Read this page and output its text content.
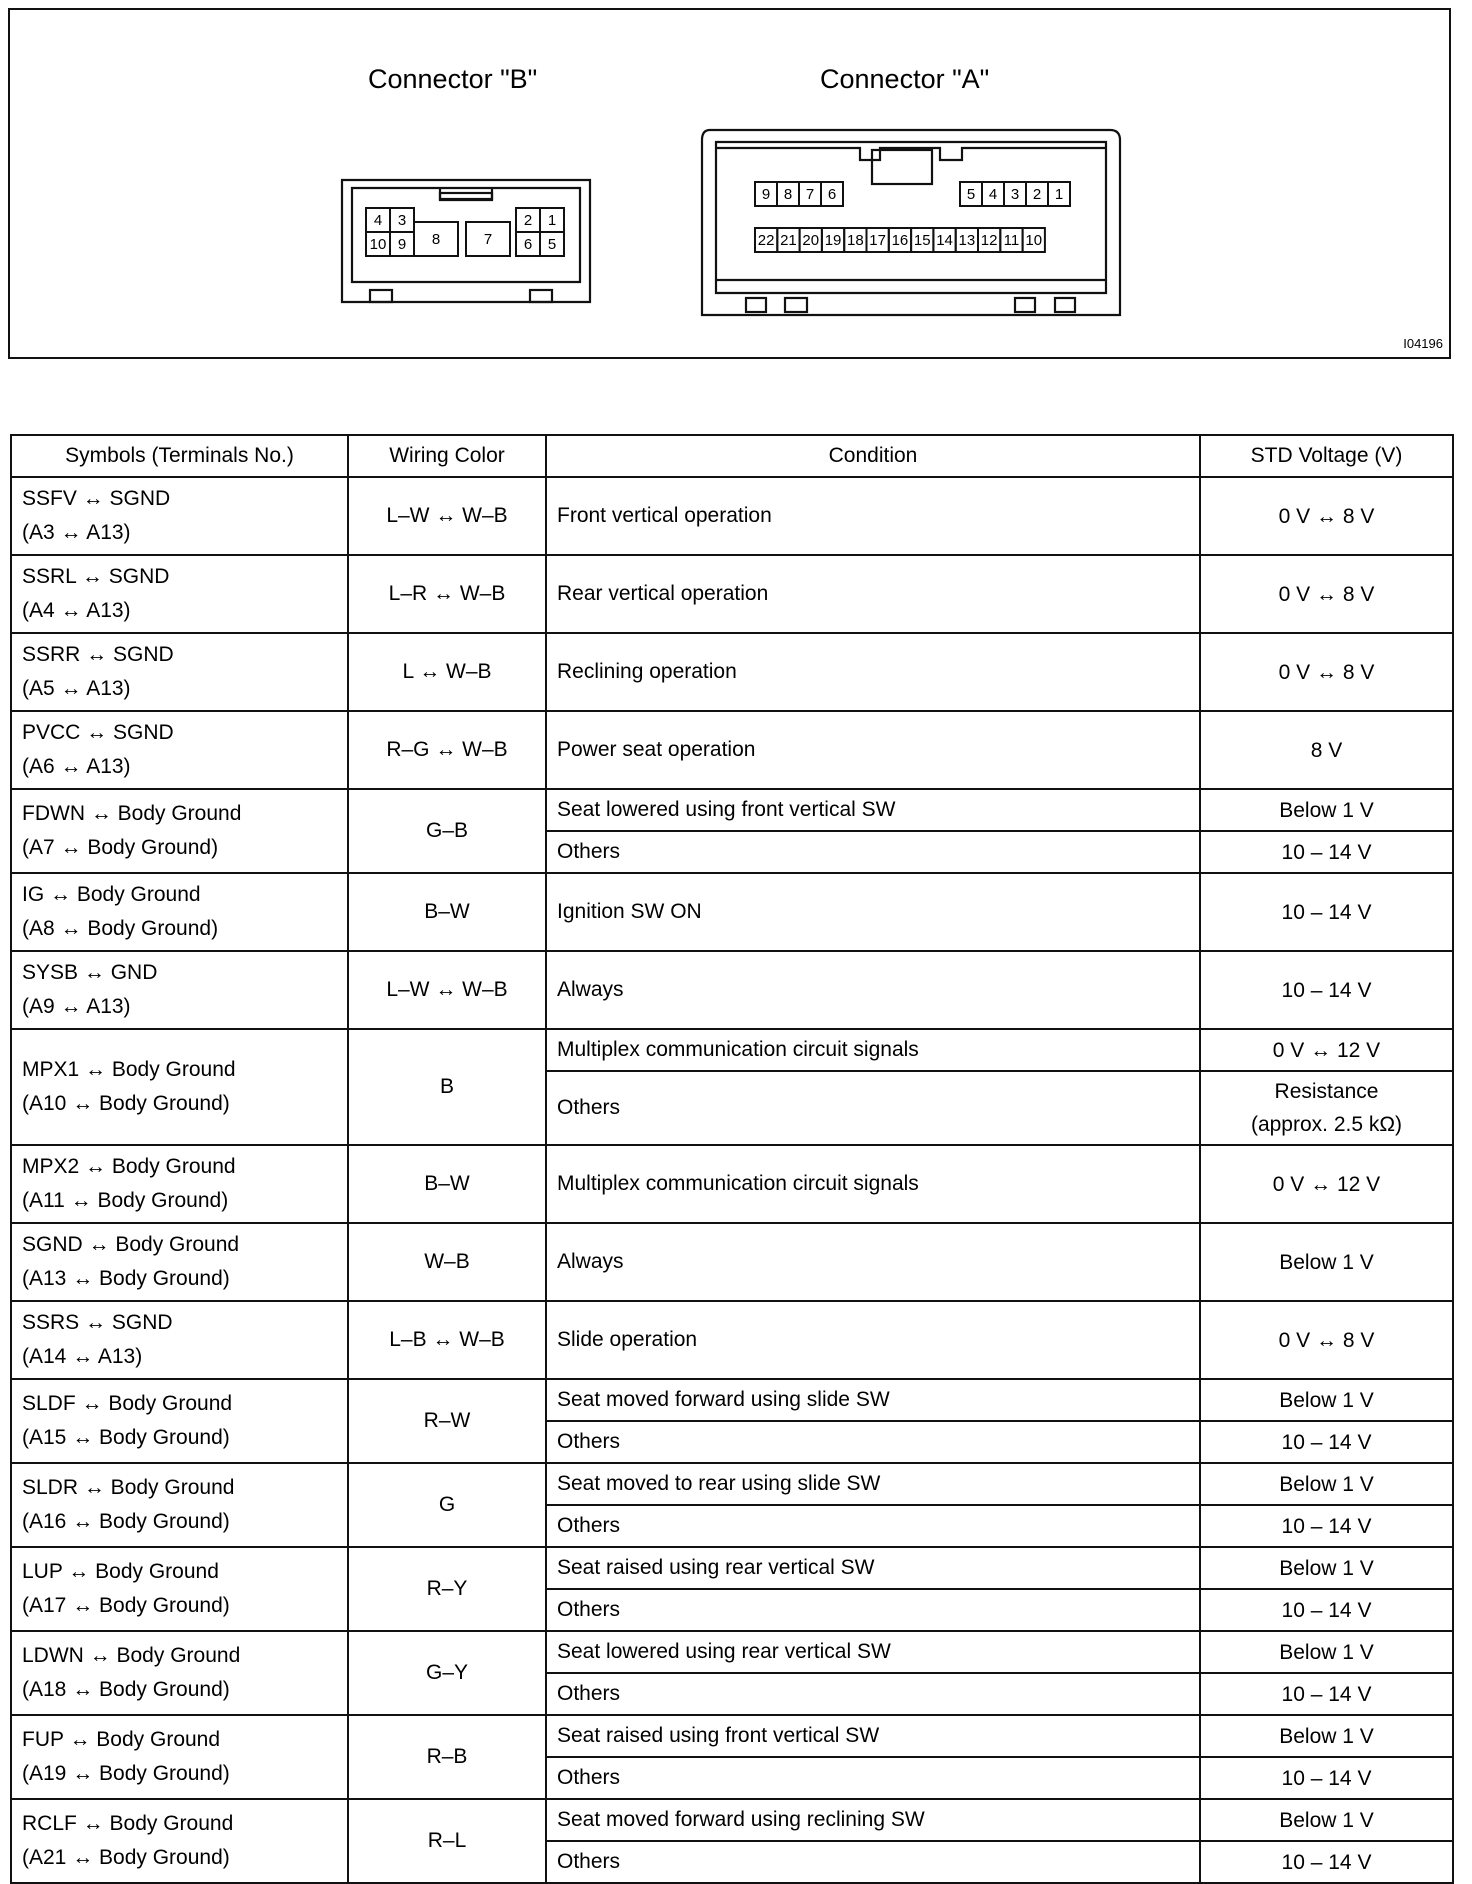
Connector "B"	Connector "A"
I04196
4 3	2 1
10 9 8	7 6 5
9 8 7 6	5 4 3 2 1
22 21 20 19 18 17 16 15 14 13 12 11 10
Symbols (Terminals No.)	Wiring Color	Condition	STD Voltage (V)

SSFV ↔ SGND
(A3 ↔ A13)	L–W ↔ W–B	Front vertical operation	0 V ↔ 8 V

SSRL ↔ SGND
(A4 ↔ A13)	L–R ↔ W–B	Rear vertical operation	0 V ↔ 8 V

SSRR ↔ SGND
(A5 ↔ A13)	L ↔ W–B	Reclining operation	0 V ↔ 8 V

PVCC ↔ SGND
(A6 ↔ A13)	R–G ↔ W–B	Power seat operation	8 V

FDWN ↔ Body Ground
(A7 ↔ Body Ground)	G–B	Seat lowered using front vertical SW	Below 1 V

		Others	10 – 14 V

IG ↔ Body Ground
(A8 ↔ Body Ground)	B–W	Ignition SW ON	10 – 14 V

SYSB ↔ GND
(A9 ↔ A13)	L–W ↔ W–B	Always	10 – 14 V

MPX1 ↔ Body Ground
(A10 ↔ Body Ground)	B	Multiplex communication circuit signals	0 V ↔ 12 V

		Others	Resistance
(approx. 2.5 kΩ)

MPX2 ↔ Body Ground
(A11 ↔ Body Ground)	B–W	Multiplex communication circuit signals	0 V ↔ 12 V

SGND ↔ Body Ground
(A13 ↔ Body Ground)	W–B	Always	Below 1 V

SSRS ↔ SGND
(A14 ↔ A13)	L–B ↔ W–B	Slide operation	0 V ↔ 8 V

SLDF ↔ Body Ground
(A15 ↔ Body Ground)	R–W	Seat moved forward using slide SW	Below 1 V

		Others	10 – 14 V

SLDR ↔ Body Ground
(A16 ↔ Body Ground)	G	Seat moved to rear using slide SW	Below 1 V

		Others	10 – 14 V

LUP ↔ Body Ground
(A17 ↔ Body Ground)	R–Y	Seat raised using rear vertical SW	Below 1 V

		Others	10 – 14 V

LDWN ↔ Body Ground
(A18 ↔ Body Ground)	G–Y	Seat lowered using rear vertical SW	Below 1 V

		Others	10 – 14 V

FUP ↔ Body Ground
(A19 ↔ Body Ground)	R–B	Seat raised using front vertical SW	Below 1 V

		Others	10 – 14 V

RCLF ↔ Body Ground
(A21 ↔ Body Ground)	R–L	Seat moved forward using reclining SW	Below 1 V

		Others	10 – 14 V
